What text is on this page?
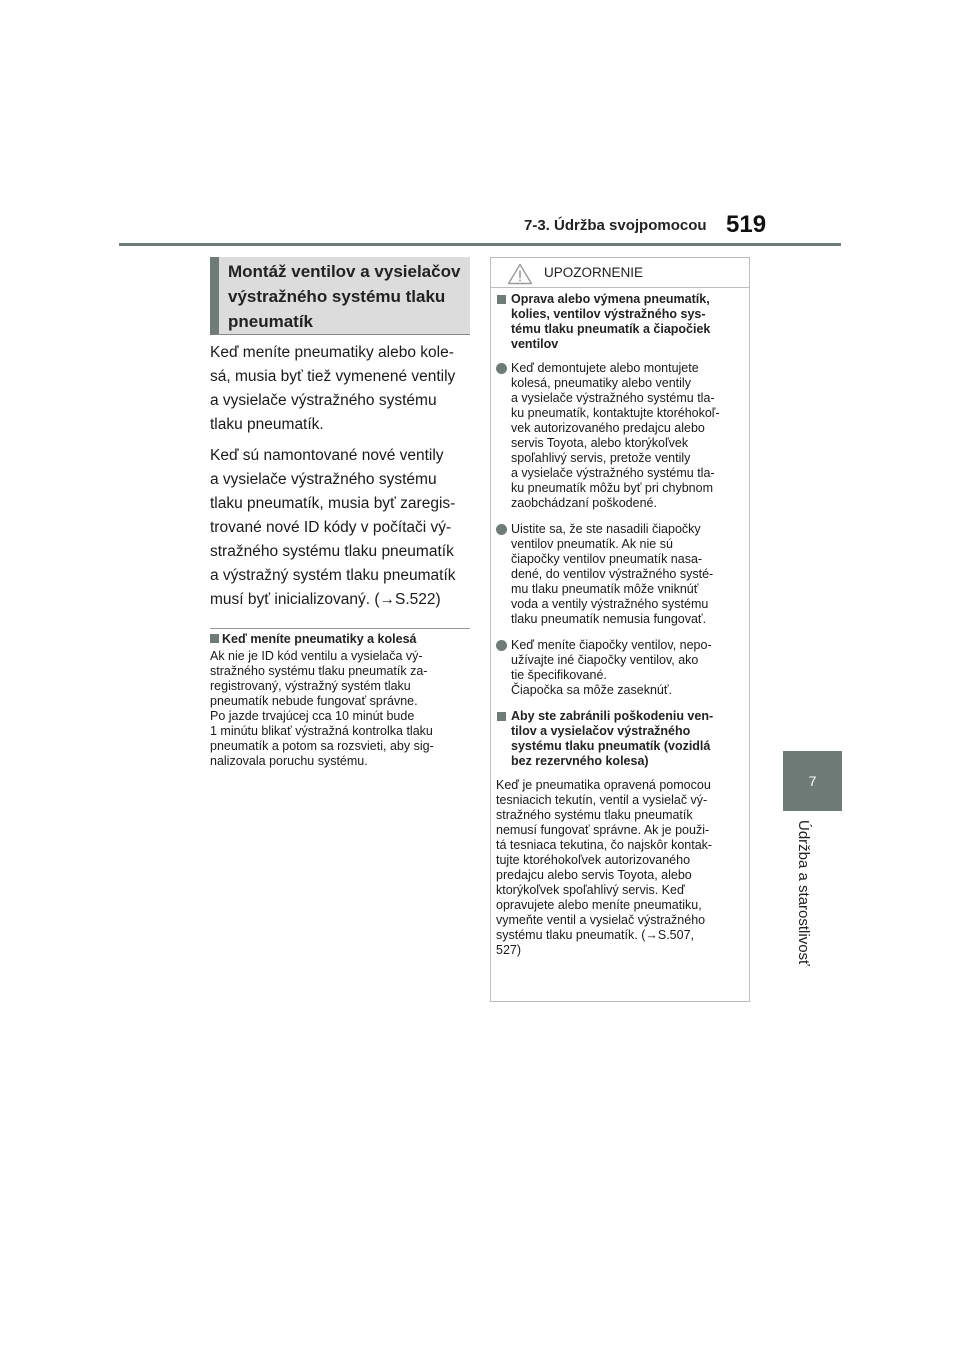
7-3. Údržba svojpomocou 519
7
Údržba a starostlivosť
Montáž ventilov a vysielačov
výstražného systému tlaku
pneumatík

Keď meníte pneumatiky alebo kole-
sá, musia byť tiež vymenené ventily
a vysielače výstražného systému
tlaku pneumatík.

Keď sú namontované nové ventily
a vysielače výstražného systému
tlaku pneumatík, musia byť zaregis-
trované nové ID kódy v počítači vý-
stražného systému tlaku pneumatík
a výstražný systém tlaku pneumatík
musí byť inicializovaný. (→S.522)

Keď meníte pneumatiky a kolesá
Ak nie je ID kód ventilu a vysielača vý-
stražného systému tlaku pneumatík za-
registrovaný, výstražný systém tlaku
pneumatík nebude fungovať správne.
Po jazde trvajúcej cca 10 minút bude
1 minútu blikať výstražná kontrolka tlaku
pneumatík a potom sa rozsvieti, aby sig-
nalizovala poruchu systému.
UPOZORNENIE
Oprava alebo výmena pneumatík,
kolies, ventilov výstražného sys-
tému tlaku pneumatík a čiapočiek
ventilov
Keď demontujete alebo montujete
kolesá, pneumatiky alebo ventily
a vysielače výstražného systému tla-
ku pneumatík, kontaktujte ktoréhokoľ-
vek autorizovaného predajcu alebo
servis Toyota, alebo ktorýkoľvek
spoľahlivý servis, pretože ventily
a vysielače výstražného systému tla-
ku pneumatík môžu byť pri chybnom
zaobchádzaní poškodené.
Uistite sa, že ste nasadili čiapočky
ventilov pneumatík. Ak nie sú
čiapočky ventilov pneumatík nasa-
dené, do ventilov výstražného systé-
mu tlaku pneumatík môže vniknúť
voda a ventily výstražného systému
tlaku pneumatík nemusia fungovať.
Keď meníte čiapočky ventilov, nepo-
užívajte iné čiapočky ventilov, ako
tie špecifikované.
Čiapočka sa môže zaseknúť.
Aby ste zabránili poškodeniu ven-
tilov a vysielačov výstražného
systému tlaku pneumatík (vozidlá
bez rezervného kolesa)

Keď je pneumatika opravená pomocou
tesniacich tekutín, ventil a vysielač vý-
stražného systému tlaku pneumatík
nemusí fungovať správne. Ak je použi-
tá tesniaca tekutina, čo najskôr kontak-
tujte ktoréhokoľvek autorizovaného
predajcu alebo servis Toyota, alebo
ktorýkoľvek spoľahlivý servis. Keď
opravujete alebo meníte pneumatiku,
vymeňte ventil a vysielač výstražného
systému tlaku pneumatík. (→S.507,
527)
